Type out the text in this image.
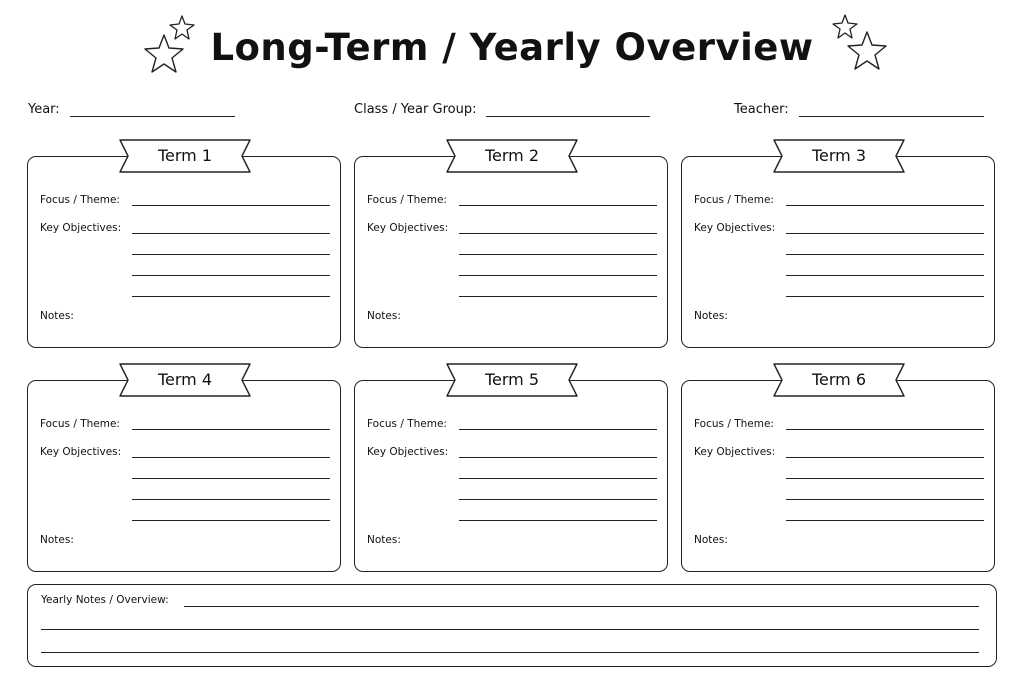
Long-Term / Yearly Overview
Year:	Class / Year Group:	Teacher:
Term 1
Focus / Theme:
Key Objectives:
Notes:
Term 2
Focus / Theme:
Key Objectives:
Notes:
Term 3
Focus / Theme:
Key Objectives:
Notes:
Term 4
Focus / Theme:
Key Objectives:
Notes:
Term 5
Focus / Theme:
Key Objectives:
Notes:
Term 6
Focus / Theme:
Key Objectives:
Notes:
Yearly Notes / Overview:
